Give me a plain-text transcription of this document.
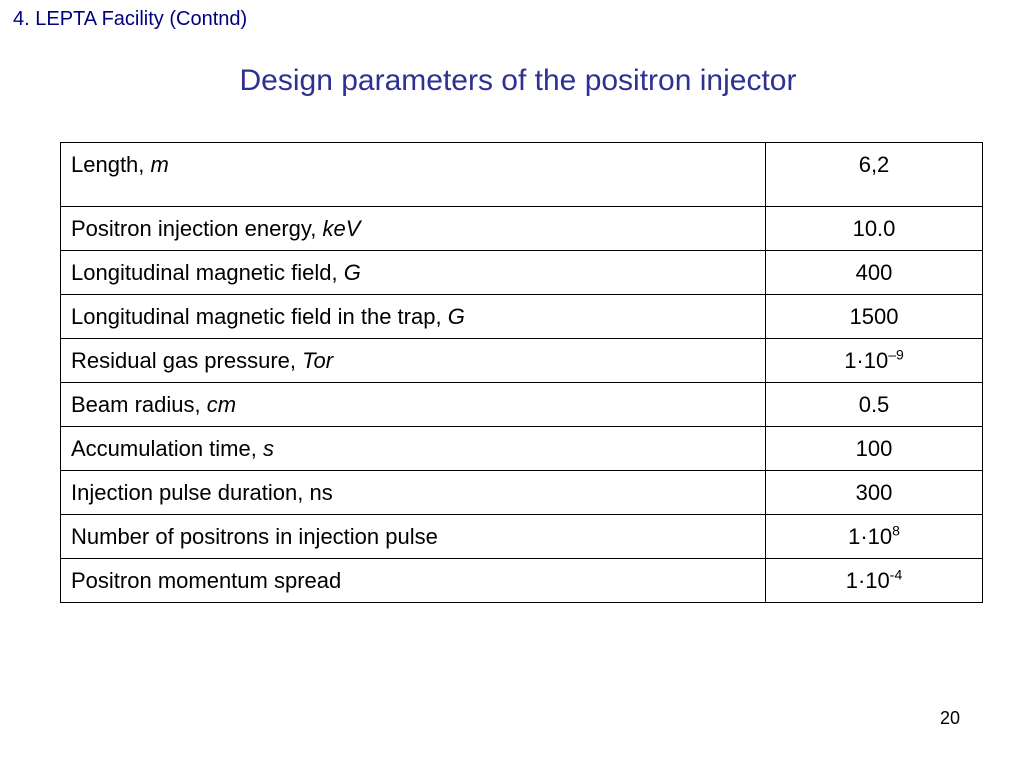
4. LEPTA Facility (Contnd)
Design parameters of the positron injector
Length, m	6,2
Positron injection energy, keV	10.0
Longitudinal magnetic field, G	400
Longitudinal magnetic field in the trap, G	1500
Residual gas pressure, Tor	$1\cdot 10^{-9}$
Beam radius, cm	0.5
Accumulation time, s	100
Injection pulse duration, ns	300
Number of positrons in injection pulse	$1\cdot 10^8$
Positron momentum spread	$1\cdot 10^{-4}$
20
